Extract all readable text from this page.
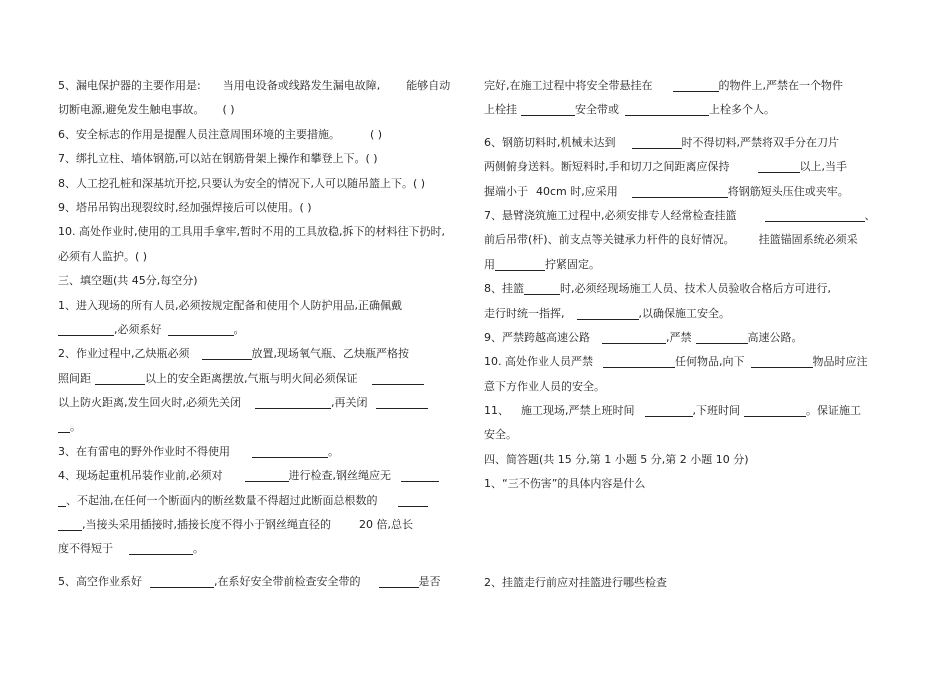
5、漏电保护器的主要作用是: 当用电设备或线路发生漏电故障, 能够自动
切断电源,避免发生触电事故。 ( )
6、安全标志的作用是提醒人员注意周围环境的主要措施。	( )
7、绑扎立柱、墙体钢筋,可以站在钢筋骨架上操作和攀登上下。( )
8、人工挖孔桩和深基坑开挖,只要认为安全的情况下,人可以随吊篮上下。( )
9、塔吊吊钩出现裂纹时,经加强焊接后可以使用。( )
10. 高处作业时,使用的工具用手拿牢,暂时不用的工具放稳,拆下的材料往下扔时,
必须有人监护。( )
三、填空题(共 45分,每空分)
1、进入现场的所有人员,必须按规定配备和使用个人防护用品,正确佩戴
,必须系好	。
2、作业过程中,乙炔瓶必须	放置,现场氧气瓶、乙炔瓶严格按
照间距	以上的安全距离摆放,气瓶与明火间必须保证
以上防火距离,发生回火时,必须先关闭	,再关闭
。
3、在有雷电的野外作业时不得使用	。
4、现场起重机吊装作业前,必须对	进行检查,钢丝绳应无
、不起油,在任何一个断面内的断丝数量不得超过此断面总根数的
,当接头采用插接时,插接长度不得小于钢丝绳直径的	20 倍,总长
度不得短于	。
5、高空作业系好	,在系好安全带前检查安全带的	是否
完好,在施工过程中将安全带悬挂在	的物件上,严禁在一个物件
上栓挂	安全带或	上栓多个人。
6、钢筋切料时,机械未达到	时不得切料,严禁将双手分在刀片
两侧俯身送料。断短料时,手和切刀之间距离应保持	以上,当手
握端小于 40cm 时,应采用	将钢筋短头压住或夹牢。
7、悬臂浇筑施工过程中,必须安排专人经常检查挂篮	、
前后吊带(杆)、前支点等关键承力杆件的良好情况。 挂篮锚固系统必须采
用	拧紧固定。
8、挂篮	时,必须经现场施工人员、技术人员验收合格后方可进行,
走行时统一指挥,	,以确保施工安全。
9、严禁跨越高速公路	,严禁	高速公路。
10. 高处作业人员严禁	任何物品,向下	物品时应注
意下方作业人员的安全。
11、 施工现场,严禁上班时间	,下班时间	。保证施工
安全。
四、简答题(共 15 分,第 1 小题 5 分,第 2 小题 10 分)
1、“三不伤害”的具体内容是什么
2、挂篮走行前应对挂篮进行哪些检查
